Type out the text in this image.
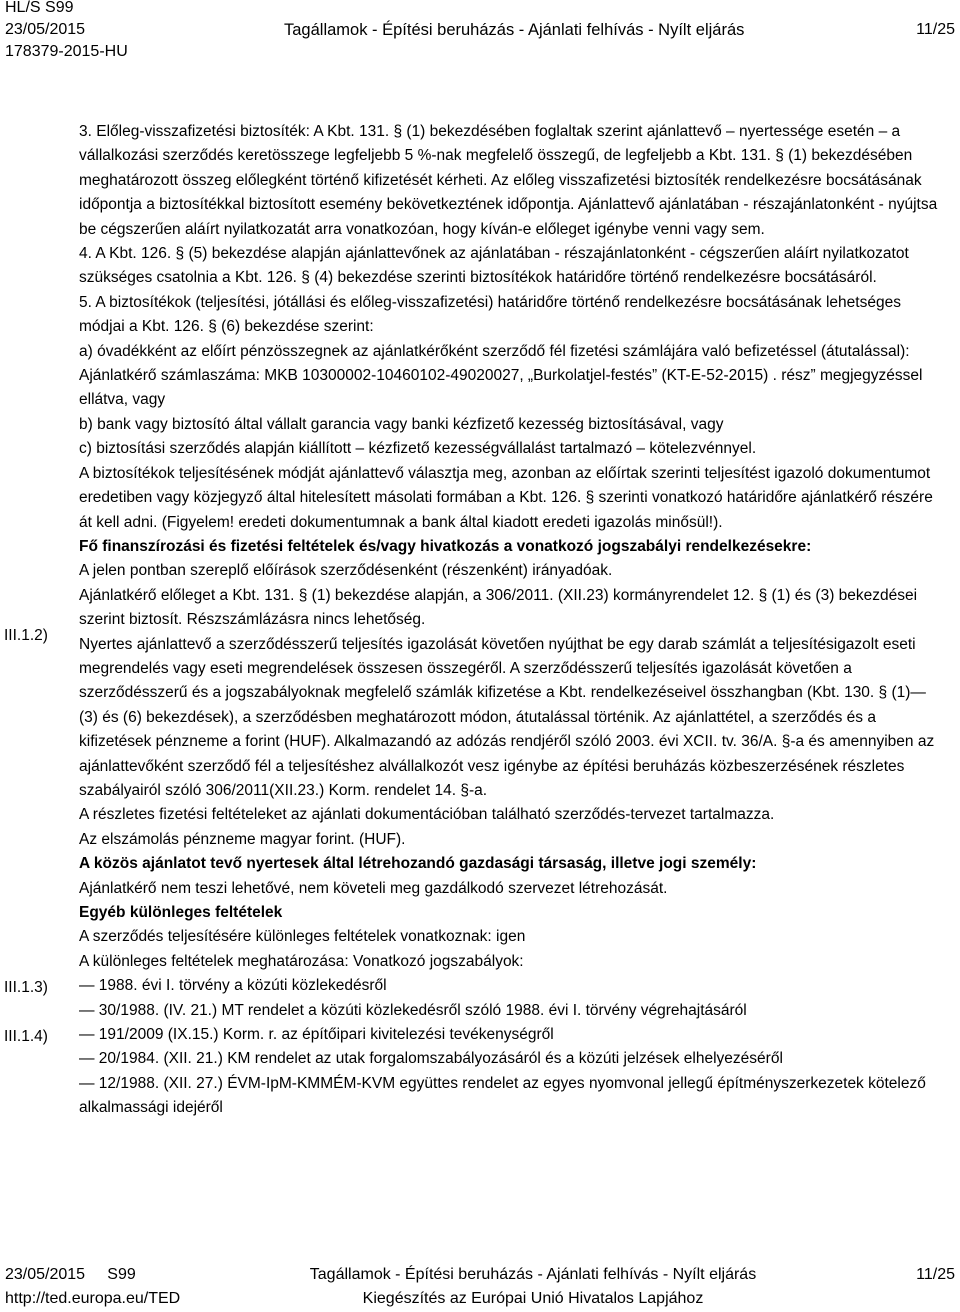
HL/S S99
23/05/2015
178379-2015-HU
Tagállamok - Építési beruházás - Ajánlati felhívás - Nyílt eljárás	11/25
III.1.2)
III.1.3)
III.1.4)

3. Előleg-visszafizetési biztosíték: A Kbt. 131. § (1) bekezdésében foglaltak szerint ajánlattevő – nyertessége esetén – a vállalkozási szerződés keretösszege legfeljebb 5 %-nak megfelelő összegű, de legfeljebb a Kbt. 131. § (1) bekezdésében meghatározott összeg előlegként történő kifizetését kérheti. Az előleg visszafizetési biztosíték rendelkezésre bocsátásának időpontja a biztosítékkal biztosított esemény bekövetkeztének időpontja. Ajánlattevő ajánlatában - részajánlatonként - nyújtsa be cégszerűen aláírt nyilatkozatát arra vonatkozóan, hogy kíván-e előleget igénybe venni vagy sem.

4. A Kbt. 126. § (5) bekezdése alapján ajánlattevőnek az ajánlatában - részajánlatonként - cégszerűen aláírt nyilatkozatot szükséges csatolnia a Kbt. 126. § (4) bekezdése szerinti biztosítékok határidőre történő rendelkezésre bocsátásáról.

5. A biztosítékok (teljesítési, jótállási és előleg-visszafizetési) határidőre történő rendelkezésre bocsátásának lehetséges módjai a Kbt. 126. § (6) bekezdése szerint:

a) óvadékként az előírt pénzösszegnek az ajánlatkérőként szerződő fél fizetési számlájára való befizetéssel (átutalással): Ajánlatkérő számlaszáma: MKB 10300002-10460102-49020027, „Burkolatjel-festés” (KT-E-52-2015) . rész” megjegyzéssel ellátva, vagy

b) bank vagy biztosító által vállalt garancia vagy banki kézfizető kezesség biztosításával, vagy

c) biztosítási szerződés alapján kiállított – kézfizető kezességvállalást tartalmazó – kötelezvénnyel.

A biztosítékok teljesítésének módját ajánlattevő választja meg, azonban az előírtak szerinti teljesítést igazoló dokumentumot eredetiben vagy közjegyző által hitelesített másolati formában a Kbt. 126. § szerinti vonatkozó határidőre ajánlatkérő részére át kell adni. (Figyelem! eredeti dokumentumnak a bank által kiadott eredeti igazolás minősül!).

Fő finanszírozási és fizetési feltételek és/vagy hivatkozás a vonatkozó jogszabályi rendelkezésekre:

A jelen pontban szereplő előírások szerződésenként (részenként) irányadóak.

Ajánlatkérő előleget a Kbt. 131. § (1) bekezdése alapján, a 306/2011. (XII.23) kormányrendelet 12. § (1) és (3) bekezdései szerint biztosít. Részszámlázásra nincs lehetőség.

Nyertes ajánlattevő a szerződésszerű teljesítés igazolását követően nyújthat be egy darab számlát a teljesítésigazolt eseti megrendelés vagy eseti megrendelések összesen összegéről. A szerződésszerű teljesítés igazolását követően a szerződésszerű és a jogszabályoknak megfelelő számlák kifizetése a Kbt. rendelkezéseivel összhangban (Kbt. 130. § (1)—(3) és (6) bekezdések), a szerződésben meghatározott módon, átutalással történik. Az ajánlattétel, a szerződés és a kifizetések pénzneme a forint (HUF). Alkalmazandó az adózás rendjéről szóló 2003. évi XCII. tv. 36/A. §-a és amennyiben az ajánlattevőként szerződő fél a teljesítéshez alvállalkozót vesz igénybe az építési beruházás közbeszerzésének részletes szabályairól szóló 306/2011(XII.23.) Korm. rendelet 14. §-a.

A részletes fizetési feltételeket az ajánlati dokumentációban található szerződés-tervezet tartalmazza.

Az elszámolás pénzneme magyar forint. (HUF).

A közös ajánlatot tevő nyertesek által létrehozandó gazdasági társaság, illetve jogi személy:

Ajánlatkérő nem teszi lehetővé, nem követeli meg gazdálkodó szervezet létrehozását.

Egyéb különleges feltételek

A szerződés teljesítésére különleges feltételek vonatkoznak: igen

A különleges feltételek meghatározása: Vonatkozó jogszabályok:

— 1988. évi I. törvény a közúti közlekedésről

— 30/1988. (IV. 21.) MT rendelet a közúti közlekedésről szóló 1988. évi I. törvény végrehajtásáról

— 191/2009 (IX.15.) Korm. r. az építőipari kivitelezési tevékenységről

— 20/1984. (XII. 21.) KM rendelet az utak forgalomszabályozásáról és a közúti jelzések elhelyezéséről

— 12/1988. (XII. 27.) ÉVM-IpM-KMMÉM-KVM együttes rendelet az egyes nyomvonal jellegű építményszerkezetek kötelező alkalmassági idejéről

23/05/2015     S99
http://ted.europa.eu/TED
Tagállamok - Építési beruházás - Ajánlati felhívás - Nyílt eljárás
Kiegészítés az Európai Unió Hivatalos Lapjához
11/25
